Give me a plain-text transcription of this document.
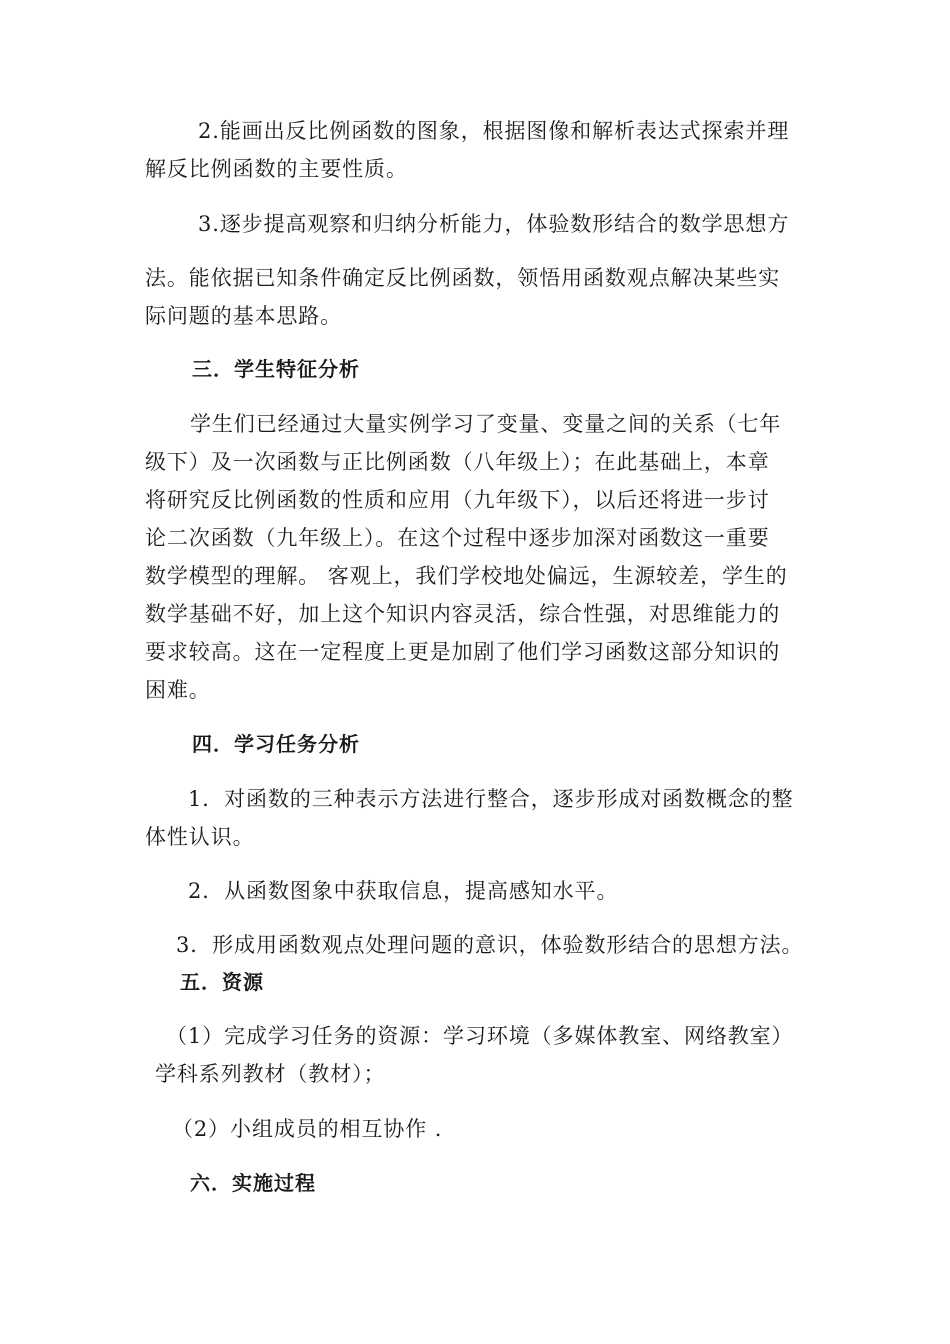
2.能画出反比例函数的图象，根据图像和解析表达式探索并理
解反比例函数的主要性质。
3.逐步提高观察和归纳分析能力，体验数形结合的数学思想方
法。能依据已知条件确定反比例函数，领悟用函数观点解决某些实
际问题的基本思路。
三．学生特征分析
学生们已经通过大量实例学习了变量、变量之间的关系（七年
级下）及一次函数与正比例函数（八年级上）；在此基础上，本章
将研究反比例函数的性质和应用（九年级下），以后还将进一步讨
论二次函数（九年级上）。在这个过程中逐步加深对函数这一重要
数学模型的理解。 客观上，我们学校地处偏远，生源较差，学生的
数学基础不好，加上这个知识内容灵活，综合性强，对思维能力的
要求较高。这在一定程度上更是加剧了他们学习函数这部分知识的
困难。
四．学习任务分析
1．对函数的三种表示方法进行整合，逐步形成对函数概念的整
体性认识。
2．从函数图象中获取信息，提高感知水平。
3．形成用函数观点处理问题的意识，体验数形结合的思想方法。
五．资源
（1）完成学习任务的资源：学习环境（多媒体教室、网络教室）
学科系列教材（教材）；
（2）小组成员的相互协作 .
六．实施过程
